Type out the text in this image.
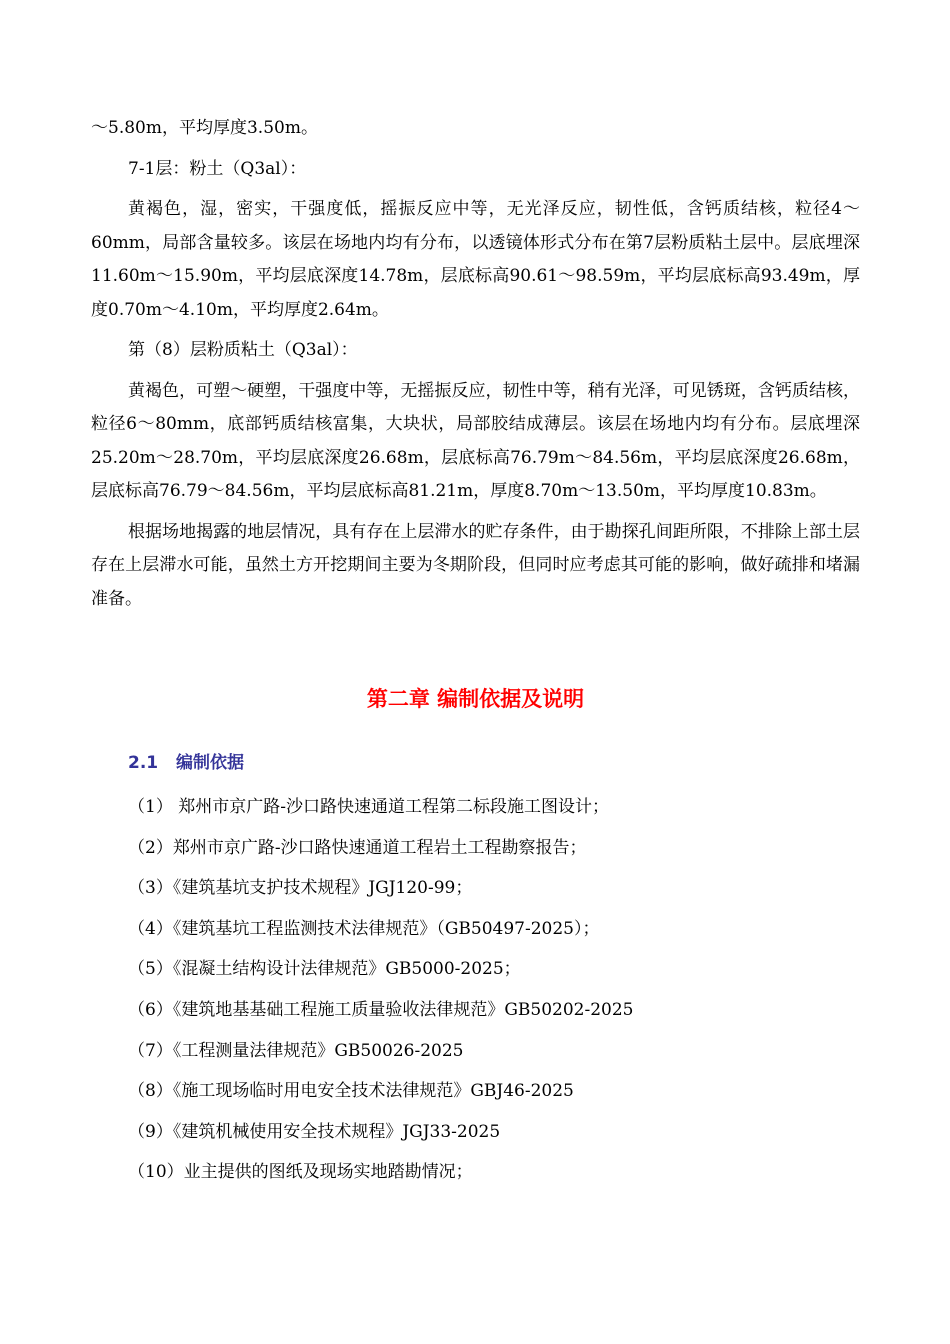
～5.80m，平均厚度3.50m。

7-1层：粉土（Q3al）：

黄褐色，湿，密实，干强度低，摇振反应中等，无光泽反应，韧性低，含钙质结核，粒径4～60mm，局部含量较多。该层在场地内均有分布，以透镜体形式分布在第7层粉质粘土层中。层底埋深11.60m～15.90m，平均层底深度14.78m，层底标高90.61～98.59m，平均层底标高93.49m，厚度0.70m～4.10m，平均厚度2.64m。

第（8）层粉质粘土（Q3al）：

黄褐色，可塑～硬塑，干强度中等，无摇振反应，韧性中等，稍有光泽，可见锈斑，含钙质结核，粒径6～80mm，底部钙质结核富集，大块状，局部胶结成薄层。该层在场地内均有分布。层底埋深25.20m～28.70m，平均层底深度26.68m，层底标高76.79m～84.56m，平均层底深度26.68m，层底标高76.79～84.56m，平均层底标高81.21m，厚度8.70m～13.50m，平均厚度10.83m。

根据场地揭露的地层情况，具有存在上层滞水的贮存条件，由于勘探孔间距所限，不排除上部土层存在上层滞水可能，虽然土方开挖期间主要为冬期阶段，但同时应考虑其可能的影响，做好疏排和堵漏准备。

第二章 编制依据及说明
2.1 编制依据
（1） 郑州市京广路-沙口路快速通道工程第二标段施工图设计；
（2）郑州市京广路-沙口路快速通道工程岩土工程勘察报告；
（3）《建筑基坑支护技术规程》JGJ120-99；
（4）《建筑基坑工程监测技术法律规范》（GB50497-2025）；
（5）《混凝土结构设计法律规范》GB5000-2025；
（6）《建筑地基基础工程施工质量验收法律规范》GB50202-2025
（7）《工程测量法律规范》GB50026-2025
（8）《施工现场临时用电安全技术法律规范》GBJ46-2025
（9）《建筑机械使用安全技术规程》JGJ33-2025
（10）业主提供的图纸及现场实地踏勘情况；
